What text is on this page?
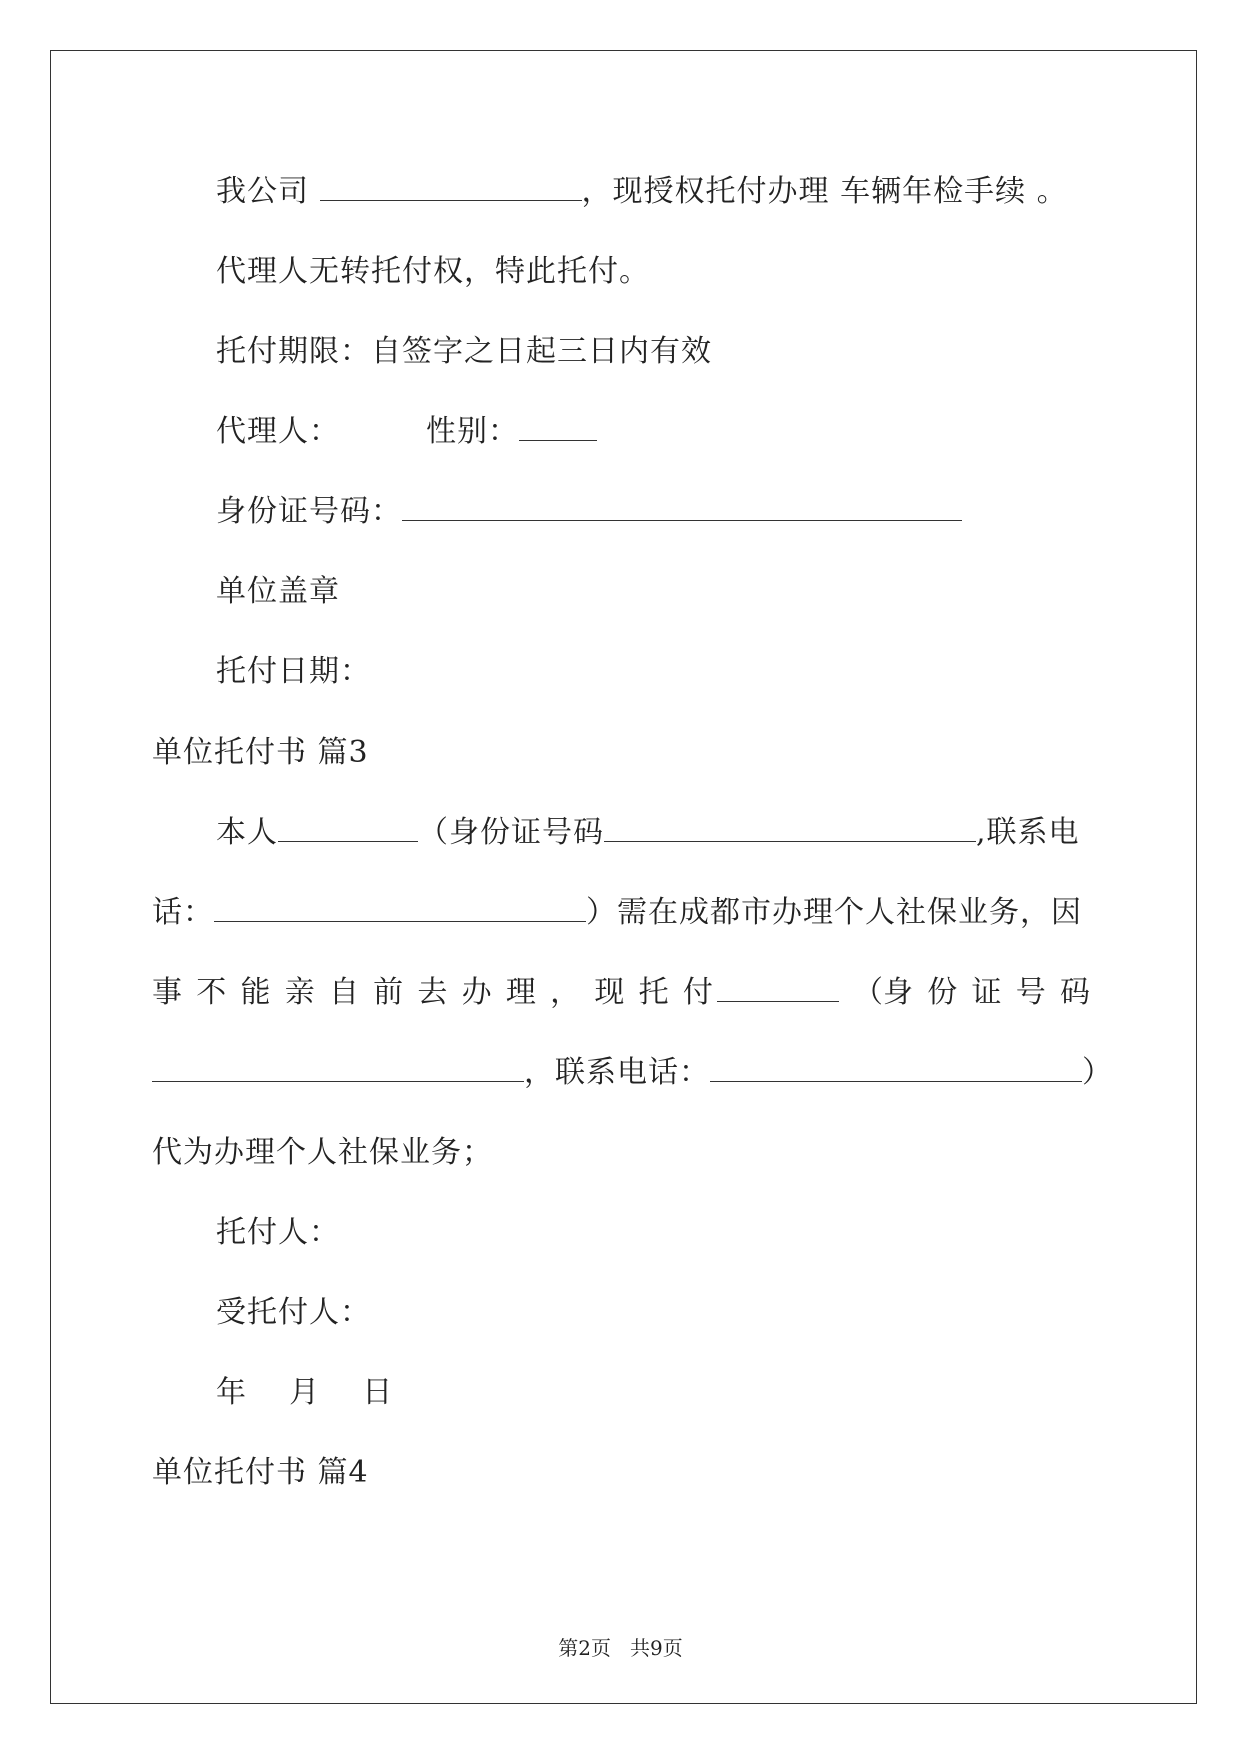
我公司	，现授权托付办理 车辆年检手续 。
代理人无转托付权，特此托付。
托付期限：自签字之日起三日内有效
代理人：	性别：
身份证号码：
单位盖章
托付日期：
单位托付书 篇3
本人	（身份证号码	,联系电
话：	）需在成都市办理个人社保业务，因
事 不 能 亲 自 前 去 办 理 ， 现 托 付	（身 份 证 号 码
，联系电话：	）
代为办理个人社保业务；
托付人：
受托付人：
年    月    日
单位托付书 篇4
第2页   共9页
